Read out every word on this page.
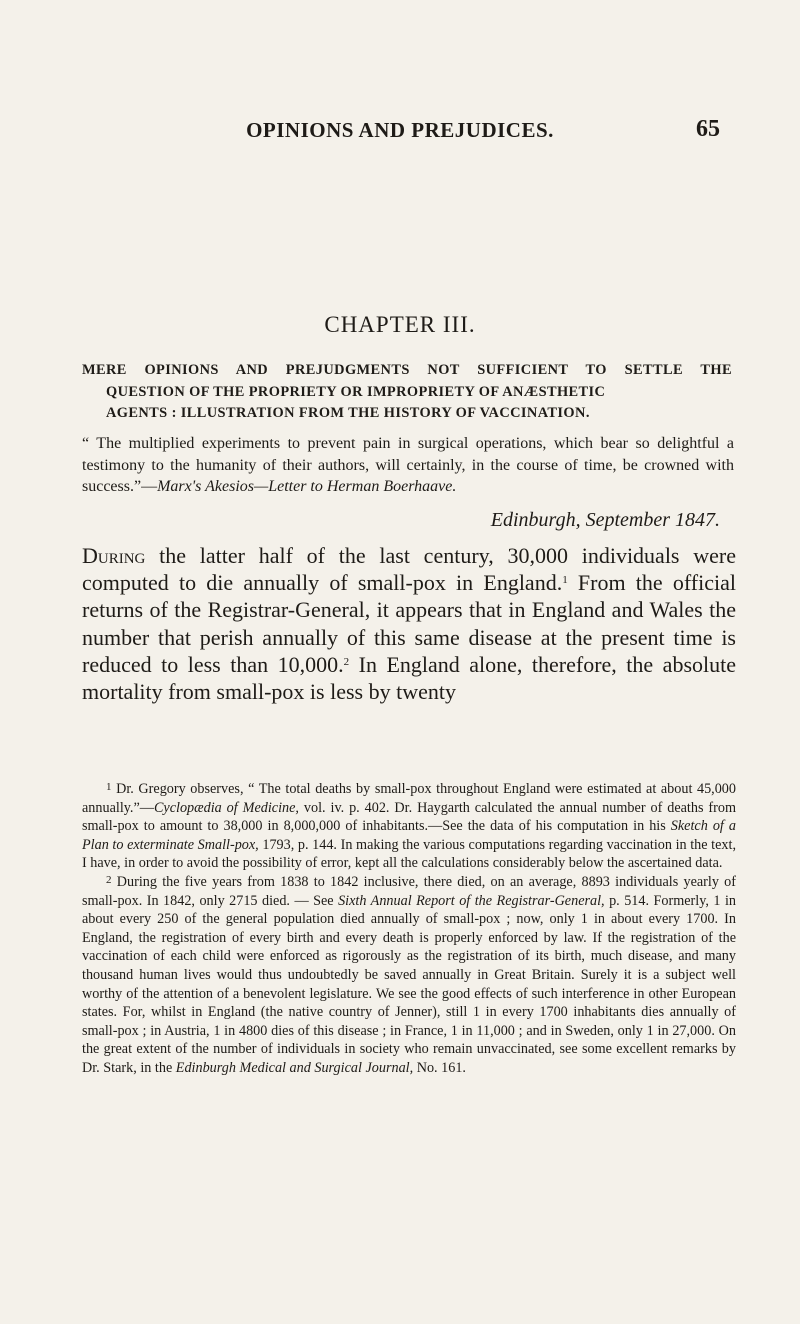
OPINIONS AND PREJUDICES.	65
CHAPTER III.
MERE OPINIONS AND PREJUDGMENTS NOT SUFFICIENT TO SETTLE THE
QUESTION OF THE PROPRIETY OR IMPROPRIETY OF ANÆSTHETIC
AGENTS : ILLUSTRATION FROM THE HISTORY OF VACCINATION.
“ The multiplied experiments to prevent pain in surgical operations, which bear so delightful a testimony to the humanity of their authors, will certainly, in the course of time, be crowned with success.”—Marx's Akesios—Letter to Herman Boerhaave.
Edinburgh, September 1847.
During the latter half of the last century, 30,000 individuals were computed to die annually of small-pox in England.$^1$ From the official returns of the Registrar-General, it appears that in England and Wales the number that perish annually of this same disease at the present time is reduced to less than 10,000.$^2$ In England alone, therefore, the absolute mortality from small-pox is less by twenty

$^1$ Dr. Gregory observes, “ The total deaths by small-pox throughout England were estimated at about 45,000 annually.”—Cyclopædia of Medicine, vol. iv. p. 402. Dr. Haygarth calculated the annual number of deaths from small-pox to amount to 38,000 in 8,000,000 of inhabitants.—See the data of his computation in his Sketch of a Plan to exterminate Small-pox, 1793, p. 144. In making the various computations regarding vaccination in the text, I have, in order to avoid the possibility of error, kept all the calculations considerably below the ascertained data.

$^2$ During the five years from 1838 to 1842 inclusive, there died, on an average, 8893 individuals yearly of small-pox. In 1842, only 2715 died. — See Sixth Annual Report of the Registrar-General, p. 514. Formerly, 1 in about every 250 of the general population died annually of small-pox ; now, only 1 in about every 1700. In England, the registration of every birth and every death is properly enforced by law. If the registration of the vaccination of each child were enforced as rigorously as the registration of its birth, much disease, and many thousand human lives would thus undoubtedly be saved annually in Great Britain. Surely it is a subject well worthy of the attention of a benevolent legislature. We see the good effects of such interference in other European states. For, whilst in England (the native country of Jenner), still 1 in every 1700 inhabitants dies annually of small-pox ; in Austria, 1 in 4800 dies of this disease ; in France, 1 in 11,000 ; and in Sweden, only 1 in 27,000. On the great extent of the number of individuals in society who remain unvaccinated, see some excellent remarks by Dr. Stark, in the Edinburgh Medical and Surgical Journal, No. 161.
